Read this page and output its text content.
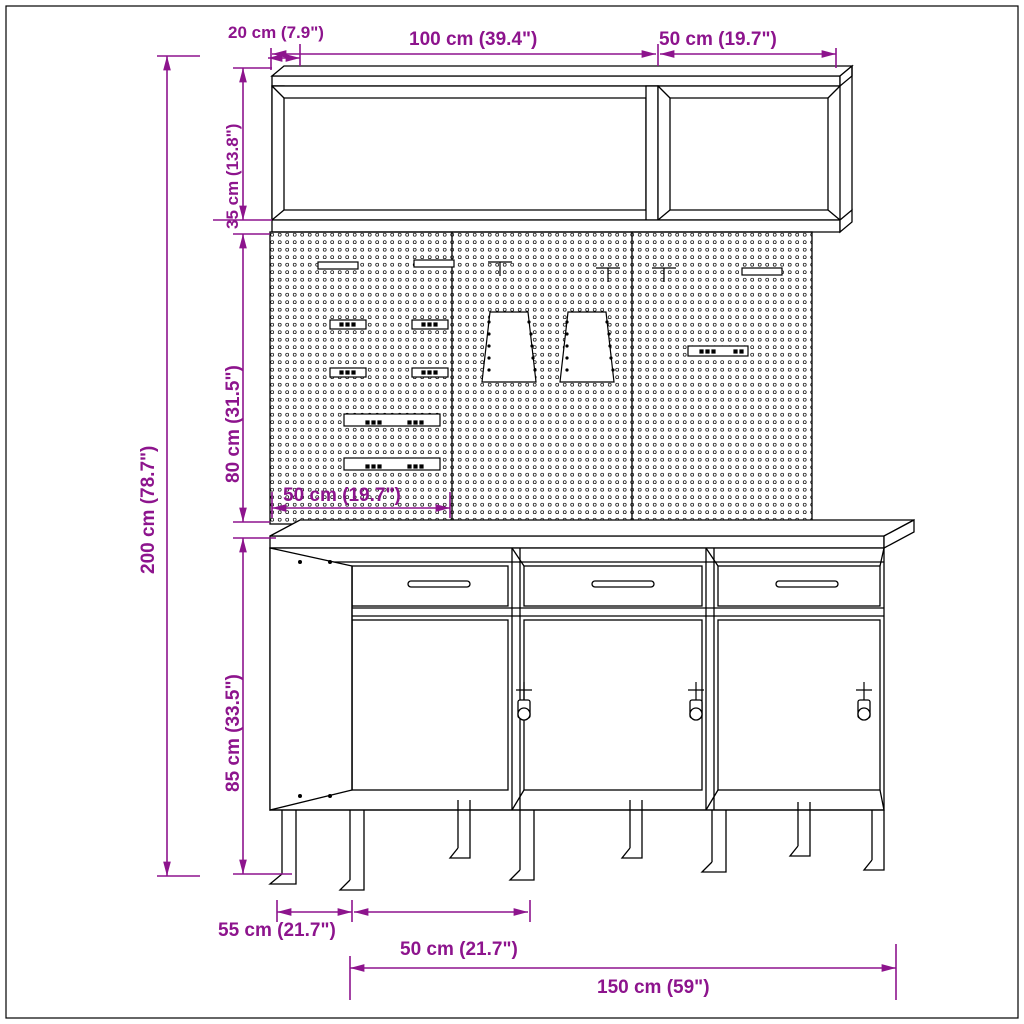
20 cm (7.9")	100 cm (39.4")	50 cm (19.7")
35 cm (13.8")
80 cm (31.5")
200 cm (78.7")
85 cm (33.5")
50 cm (19.7")
55 cm (21.7")
50 cm (21.7")
150 cm (59")
